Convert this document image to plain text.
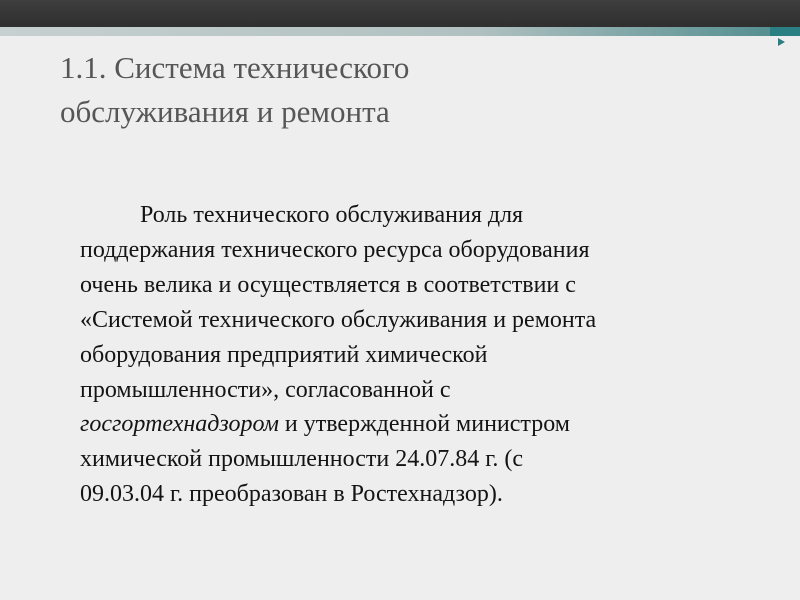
1.1. Система технического
обслуживания и ремонта
Роль технического обслуживания для
поддержания технического ресурса оборудования
очень велика и осуществляется в соответствии с
«Системой технического обслуживания и ремонта
оборудования предприятий химической
промышленности», согласованной с
госгортехнадзором и утвержденной министром
химической промышленности 24.07.84 г. (с
09.03.04 г. преобразован в Ростехнадзор).
